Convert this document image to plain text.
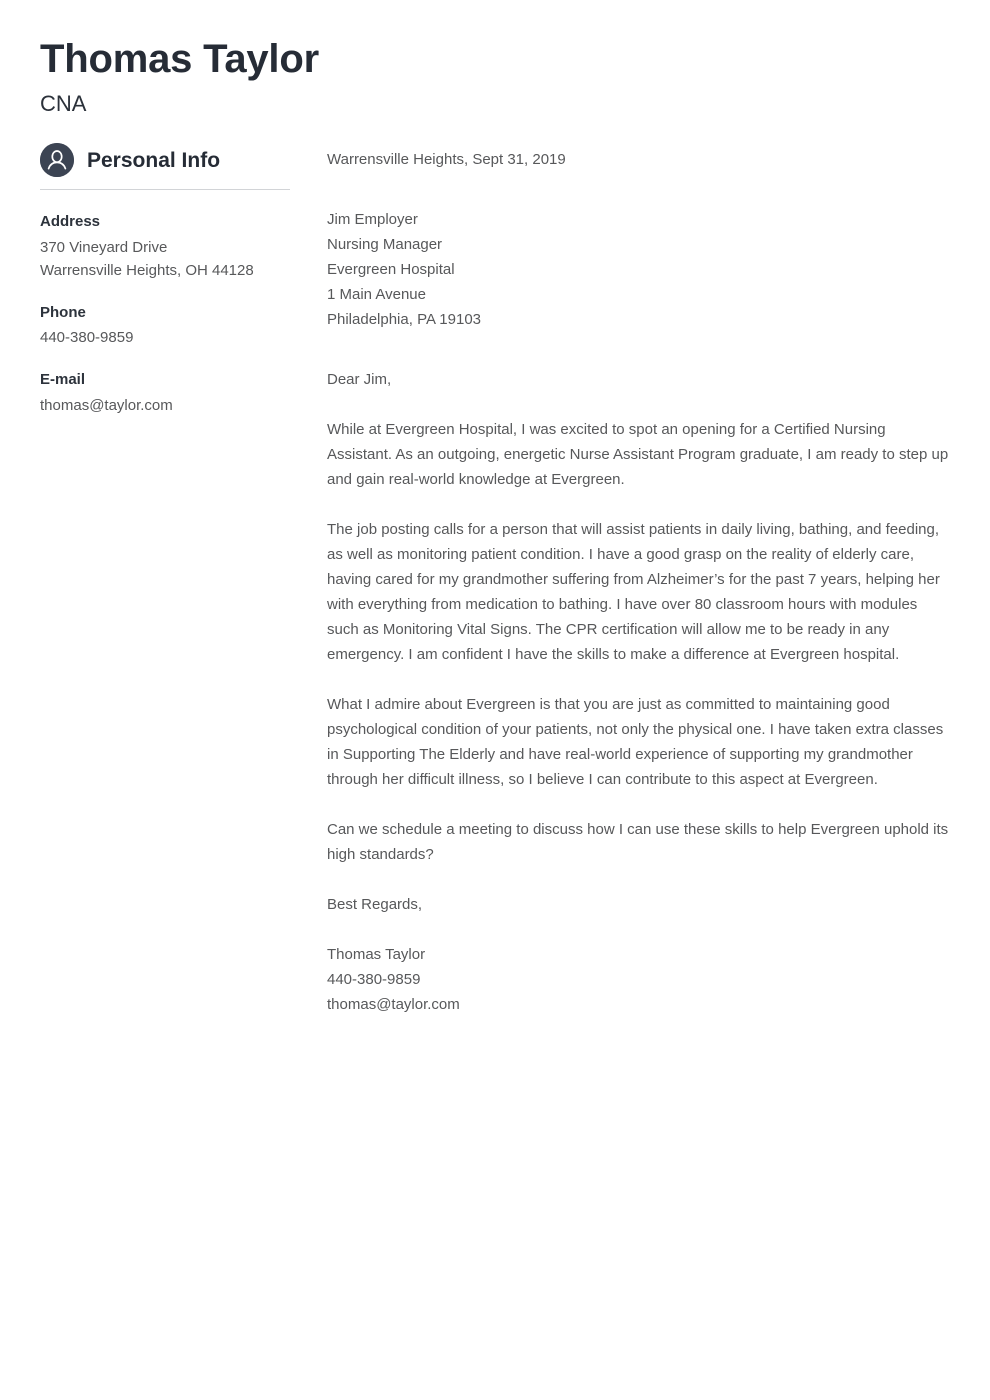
Thomas Taylor
CNA
Personal Info
Address
370 Vineyard Drive
Warrensville Heights, OH 44128
Phone
440-380-9859
E-mail
thomas@taylor.com
Warrensville Heights, Sept 31, 2019
Jim Employer
Nursing Manager
Evergreen Hospital
1 Main Avenue
Philadelphia, PA 19103
Dear Jim,

While at Evergreen Hospital, I was excited to spot an opening for a Certified Nursing Assistant. As an outgoing, energetic Nurse Assistant Program graduate, I am ready to step up and gain real-world knowledge at Evergreen.

The job posting calls for a person that will assist patients in daily living, bathing, and feeding, as well as monitoring patient condition. I have a good grasp on the reality of elderly care, having cared for my grandmother suffering from Alzheimer’s for the past 7 years, helping her with everything from medication to bathing. I have over 80 classroom hours with modules such as Monitoring Vital Signs. The CPR certification will allow me to be ready in any emergency. I am confident I have the skills to make a difference at Evergreen hospital.

What I admire about Evergreen is that you are just as committed to maintaining good psychological condition of your patients, not only the physical one. I have taken extra classes in Supporting The Elderly and have real-world experience of supporting my grandmother through her difficult illness, so I believe I can contribute to this aspect at Evergreen.

Can we schedule a meeting to discuss how I can use these skills to help Evergreen uphold its high standards?

Best Regards,
Thomas Taylor
440-380-9859
thomas@taylor.com
